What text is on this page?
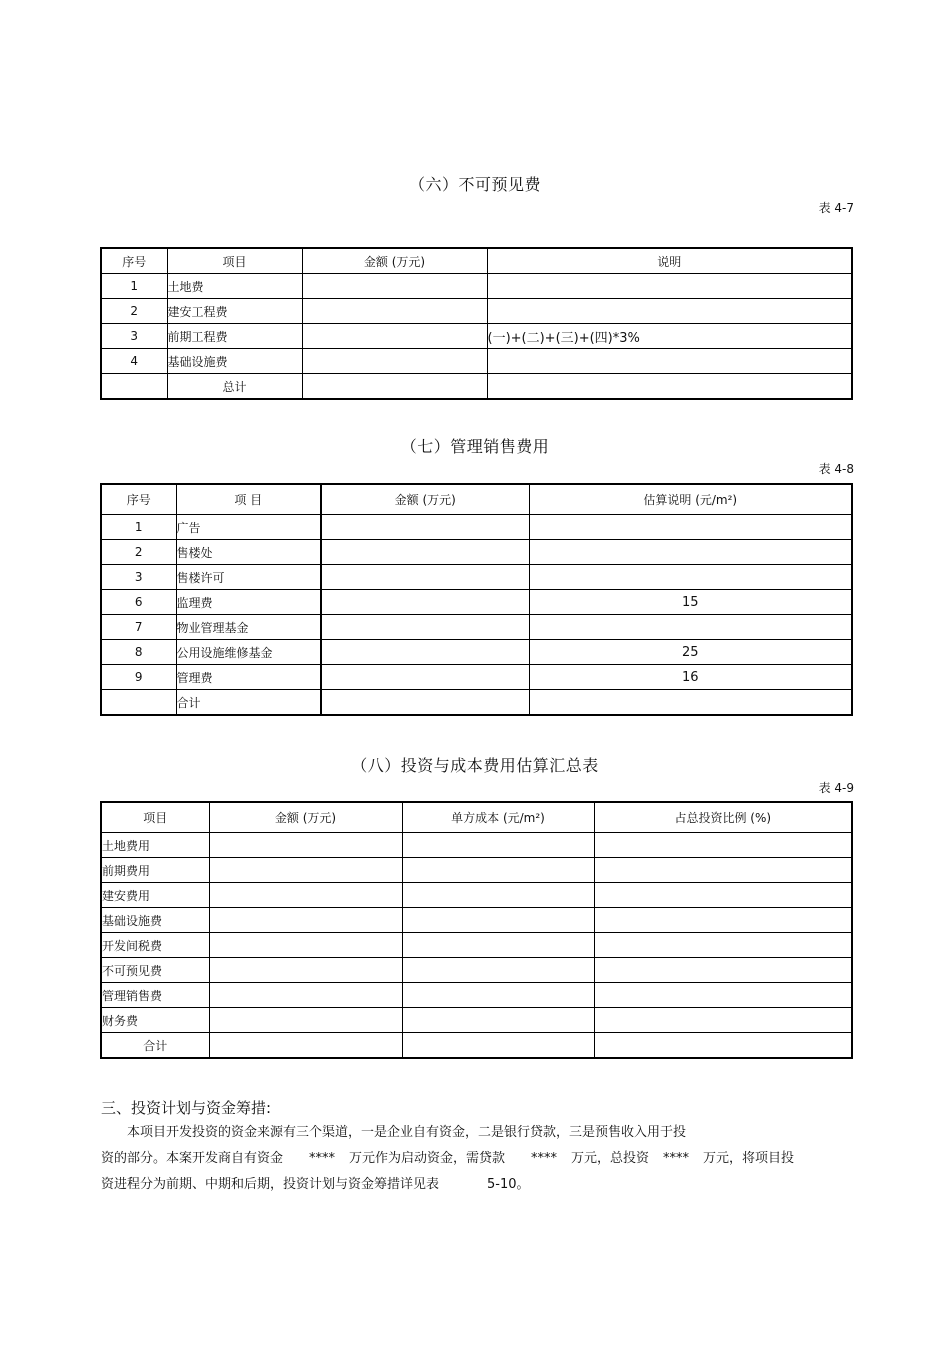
（六）不可预见费
表 4-7
序号	项目	金额 (万元)	说明
1	土地费		
2	建安工程费		
3	前期工程费		(一)+(二)+(三)+(四)*3%
4	基础设施费		
	总计		
（七）管理销售费用
表 4-8
序号	项 目	金额 (万元)	估算说明 (元/m²)
1	广告		
2	售楼处		
3	售楼许可		
6	监理费		15
7	物业管理基金		
8	公用设施维修基金		25
9	管理费		16
	合计		
（八）投资与成本费用估算汇总表
表 4-9
项目	金额 (万元)	单方成本 (元/m²)	占总投资比例 (%)
土地费用			
前期费用			
建安费用			
基础设施费			
开发间税费			
不可预见费			
管理销售费			
财务费			
合计			
三、投资计划与资金筹措:
本项目开发投资的资金来源有三个渠道，一是企业自有资金，二是银行贷款，三是预售收入用于投
资的部分。本案开发商自有资金 **** 万元作为启动资金，需贷款 **** 万元，总投资 **** 万元，将项目投
资进程分为前期、中期和后期，投资计划与资金筹措详见表	5-10。
